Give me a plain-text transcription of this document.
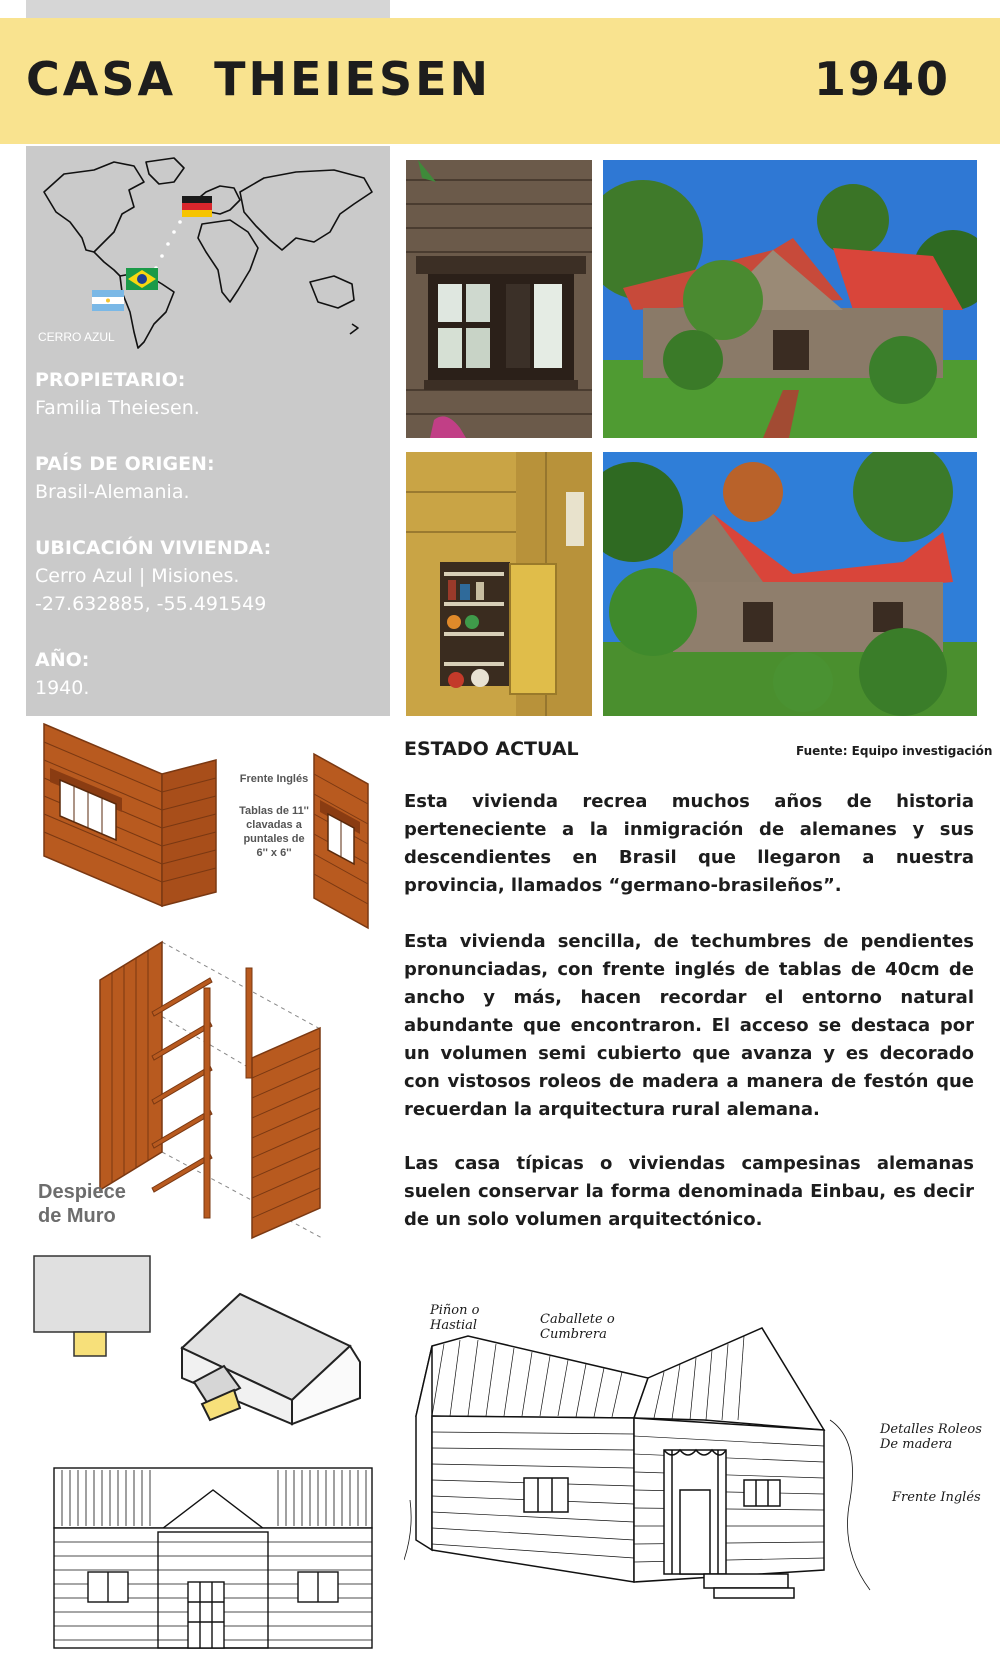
CASA  THEIESEN	1940
CERRO AZUL
PROPIETARIO:
Familia Theiesen.
PAÍS DE ORIGEN:
Brasil-Alemania.
UBICACIÓN VIVIENDA:
Cerro Azul | Misiones.
-27.632885, -55.491549
AÑO:
1940.
Frente Inglés
Tablas de 11''
clavadas a
puntales de
6'' x 6''
Despiece
de Muro
ESTADO ACTUAL	Fuente: Equipo investigación
Esta vivienda recrea muchos años de historia perteneciente a la inmigración de alemanes y sus descendientes en Brasil que llegaron a nuestra provincia, llamados “germano-brasileños”.
Esta vivienda sencilla, de techumbres de pendientes pronunciadas, con frente inglés de tablas de 40cm de ancho y más, hacen recordar el entorno natural abundante que encontraron. El acceso se destaca por un volumen semi cubierto que avanza y es decorado con vistosos roleos de madera a manera de festón que recuerdan la arquitectura rural alemana.
Las casa típicas o viviendas campesinas alemanas suelen conservar la forma denominada Einbau, es decir de un solo volumen arquitectónico.
Piñon o
Hastial	Caballete o
Cumbrera
Detalles Roleos
De madera
Frente Inglés
